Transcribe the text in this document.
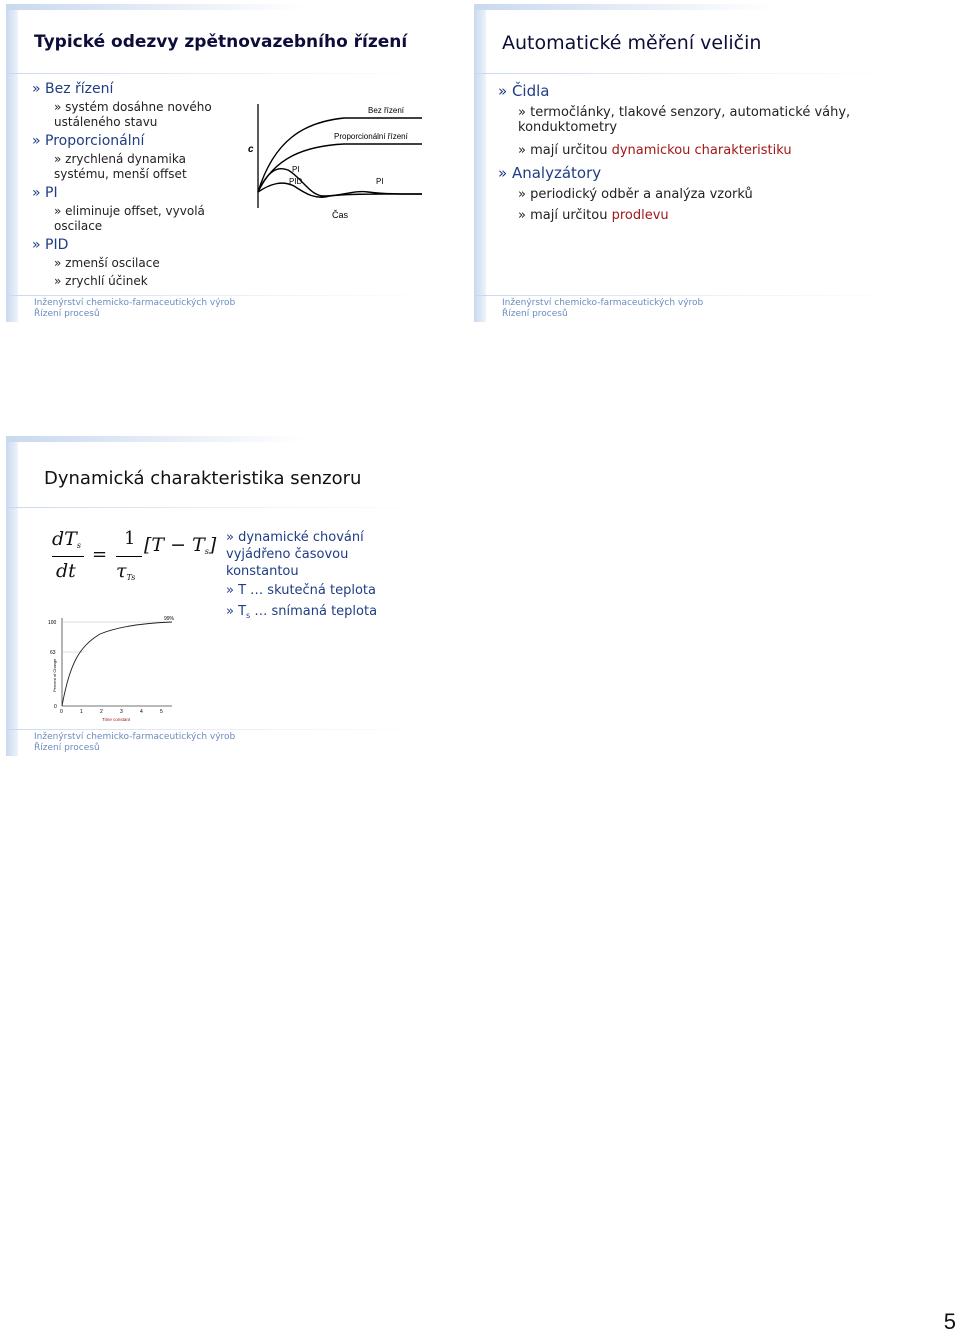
Typické odezvy zpětnovazebního řízení
» Bez řízení
» systém dosáhne nového ustáleného stavu
» Proporcionální
» zrychlená dynamika systému, menší offset
» PI
» eliminuje offset, vyvolá oscilace
» PID
» zmenší oscilace
» zrychlí účinek
c
Bez řízení
Proporcionální řízení
PI
PID	PI
Čas
Inženýrství chemicko-farmaceutických výrob
Řízení procesů
Automatické měření veličin
» Čidla
» termočlánky, tlakové senzory, automatické váhy, konduktometry
» mají určitou dynamickou charakteristiku
» Analyzátory
» periodický odběr a analýza vzorků
» mají určitou prodlevu
Inženýrství chemicko-farmaceutických výrob
Řízení procesů
Dynamická charakteristika senzoru
dTs
dt
=
1
τTs
[T − Ts]
100
63
0
Percent of Change
99%
0	1	2	3	4	5
Time constant
» dynamické chování vyjádřeno časovou konstantou
» T … skutečná teplota
» $T_s$ … snímaná teplota
Inženýrství chemicko-farmaceutických výrob
Řízení procesů
5
